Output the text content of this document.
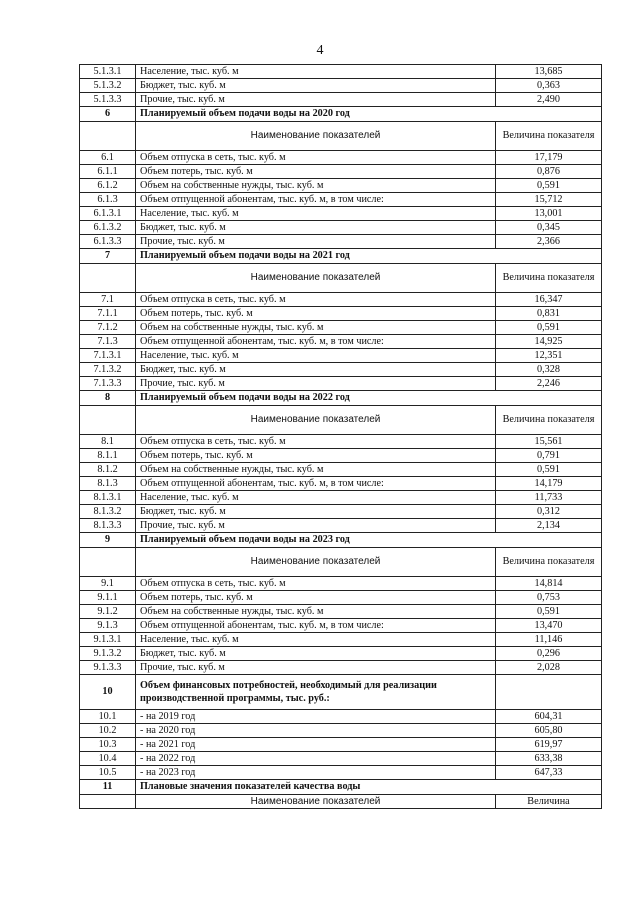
4
5.1.3.1	Население, тыс. куб. м	13,685
5.1.3.2	Бюджет, тыс. куб. м	0,363
5.1.3.3	Прочие, тыс. куб. м	2,490
6	Планируемый объем подачи воды на 2020 год	
	Наименование показателей	Величина показателя
6.1	Объем отпуска в сеть, тыс. куб. м	17,179
6.1.1	Объем потерь, тыс. куб. м	0,876
6.1.2	Объем на собственные нужды, тыс. куб. м	0,591
6.1.3	Объем отпущенной абонентам, тыс. куб. м, в том числе:	15,712
6.1.3.1	Население, тыс. куб. м	13,001
6.1.3.2	Бюджет, тыс. куб. м	0,345
6.1.3.3	Прочие, тыс. куб. м	2,366
7	Планируемый объем подачи воды на 2021 год	
	Наименование показателей	Величина показателя
7.1	Объем отпуска в сеть, тыс. куб. м	16,347
7.1.1	Объем потерь, тыс. куб. м	0,831
7.1.2	Объем на собственные нужды, тыс. куб. м	0,591
7.1.3	Объем отпущенной абонентам, тыс. куб. м, в том числе:	14,925
7.1.3.1	Население, тыс. куб. м	12,351
7.1.3.2	Бюджет, тыс. куб. м	0,328
7.1.3.3	Прочие, тыс. куб. м	2,246
8	Планируемый объем подачи воды на 2022 год	
	Наименование показателей	Величина показателя
8.1	Объем отпуска в сеть, тыс. куб. м	15,561
8.1.1	Объем потерь, тыс. куб. м	0,791
8.1.2	Объем на собственные нужды, тыс. куб. м	0,591
8.1.3	Объем отпущенной абонентам, тыс. куб. м, в том числе:	14,179
8.1.3.1	Население, тыс. куб. м	11,733
8.1.3.2	Бюджет, тыс. куб. м	0,312
8.1.3.3	Прочие, тыс. куб. м	2,134
9	Планируемый объем подачи воды на 2023 год	
	Наименование показателей	Величина показателя
9.1	Объем отпуска в сеть, тыс. куб. м	14,814
9.1.1	Объем потерь, тыс. куб. м	0,753
9.1.2	Объем на собственные нужды, тыс. куб. м	0,591
9.1.3	Объем отпущенной абонентам, тыс. куб. м, в том числе:	13,470
9.1.3.1	Население, тыс. куб. м	11,146
9.1.3.2	Бюджет, тыс. куб. м	0,296
9.1.3.3	Прочие, тыс. куб. м	2,028
10	Объем финансовых потребностей, необходимый для реализации производственной программы, тыс. руб.:	
10.1	- на 2019 год	604,31
10.2	- на 2020 год	605,80
10.3	- на 2021 год	619,97
10.4	- на 2022 год	633,38
10.5	- на 2023 год	647,33
11	Плановые значения показателей качества воды	
	Наименование показателей	Величина
